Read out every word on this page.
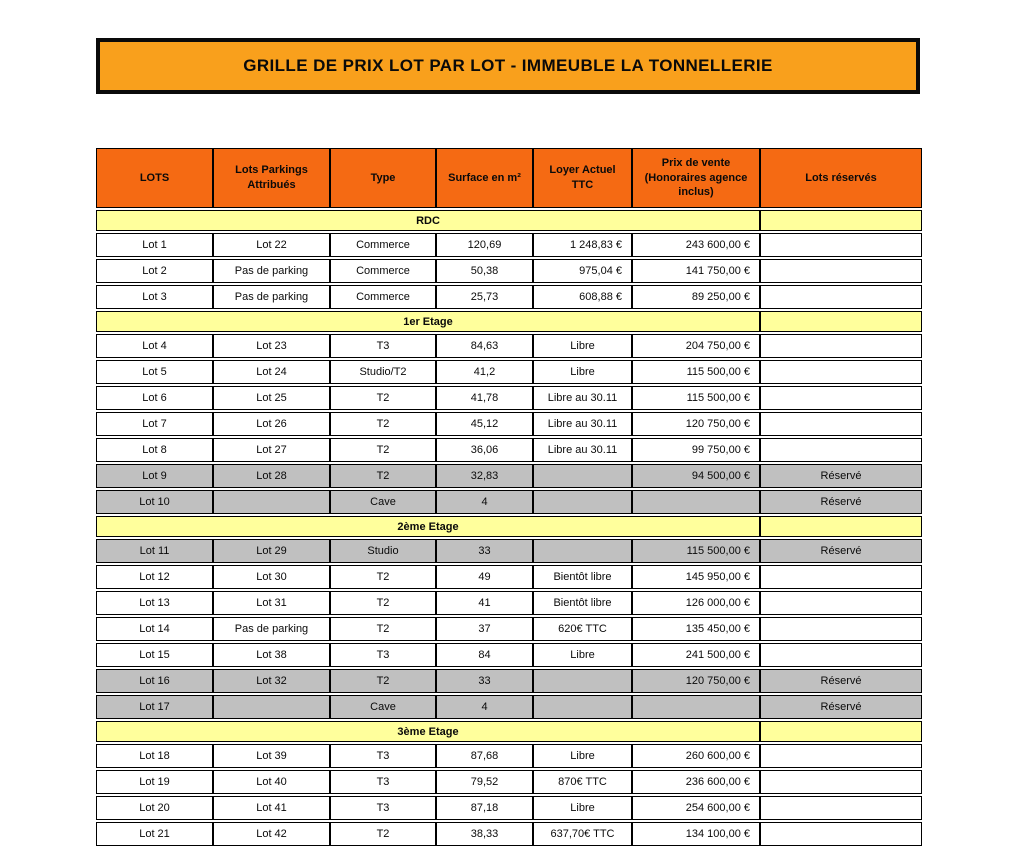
GRILLE DE PRIX LOT PAR LOT - IMMEUBLE LA TONNELLERIE
LOTS	Lots Parkings Attribués	Type	Surface en m²	Loyer Actuel TTC	Prix de vente (Honoraires agence inclus)	Lots réservés
RDC						
Lot 1	Lot 22	Commerce	120,69	1 248,83 €	243 600,00 €	
Lot 2	Pas de parking	Commerce	50,38	975,04 €	141 750,00 €	
Lot 3	Pas de parking	Commerce	25,73	608,88 €	89 250,00 €	
1er Etage						
Lot 4	Lot 23	T3	84,63	Libre	204 750,00 €	
Lot 5	Lot 24	Studio/T2	41,2	Libre	115 500,00 €	
Lot 6	Lot 25	T2	41,78	Libre au 30.11	115 500,00 €	
Lot 7	Lot 26	T2	45,12	Libre au 30.11	120 750,00 €	
Lot 8	Lot 27	T2	36,06	Libre au 30.11	99 750,00 €	
Lot 9	Lot 28	T2	32,83		94 500,00 €	Réservé
Lot 10		Cave	4			Réservé
2ème Etage						
Lot 11	Lot 29	Studio	33		115 500,00 €	Réservé
Lot 12	Lot 30	T2	49	Bientôt libre	145 950,00 €	
Lot 13	Lot 31	T2	41	Bientôt libre	126 000,00 €	
Lot 14	Pas de parking	T2	37	620€ TTC	135 450,00 €	
Lot 15	Lot 38	T3	84	Libre	241 500,00 €	
Lot 16	Lot 32	T2	33		120 750,00 €	Réservé
Lot 17		Cave	4			Réservé
3ème Etage						
Lot 18	Lot 39	T3	87,68	Libre	260 600,00 €	
Lot 19	Lot 40	T3	79,52	870€ TTC	236 600,00 €	
Lot 20	Lot 41	T3	87,18	Libre	254 600,00 €	
Lot 21	Lot 42	T2	38,33	637,70€ TTC	134 100,00 €	
